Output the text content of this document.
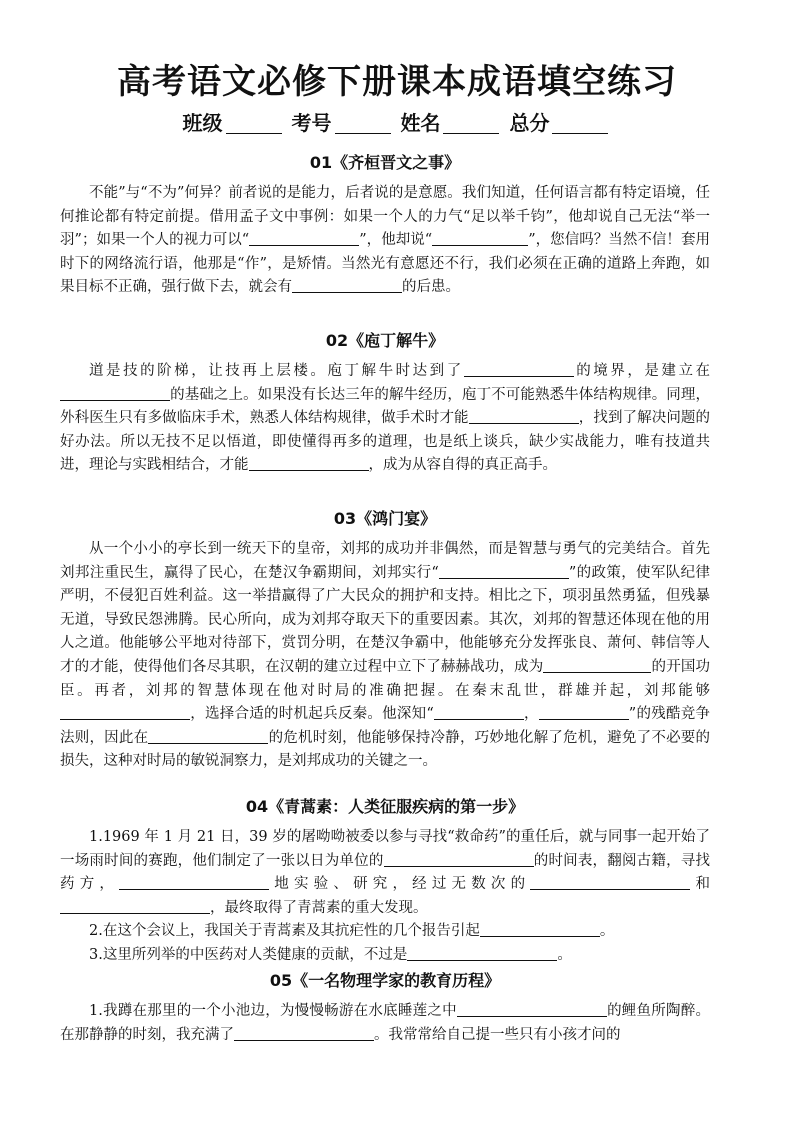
高考语文必修下册课本成语填空练习
班级	考号	姓名	总分
01《齐桓晋文之事》

不能”与“不为”何异？前者说的是能力，后者说的是意愿。我们知道，任何语言都有特定语境，任何推论都有特定前提。借用孟子文中事例：如果一个人的力气“足以举千钧”，他却说自己无法“举一羽”；如果一个人的视力可以“	”，他却说“	”，您信吗？当然不信！套用时下的网络流行语，他那是“作”，是矫情。当然光有意愿还不行，我们必须在正确的道路上奔跑，如果目标不正确，强行做下去，就会有	的后患。

02《庖丁解牛》

道是技的阶梯，让技再上层楼。庖丁解牛时达到了	的境界，是建立在的基础之上。如果没有长达三年的解牛经历，庖丁不可能熟悉牛体结构规律。同理，外科医生只有多做临床手术，熟悉人体结构规律，做手术时才能	，找到了解决问题的好办法。所以无技不足以悟道，即使懂得再多的道理，也是纸上谈兵，缺少实战能力，唯有技道共进，理论与实践相结合，才能	，成为从容自得的真正高手。

03《鸿门宴》

从一个小小的亭长到一统天下的皇帝，刘邦的成功并非偶然，而是智慧与勇气的完美结合。首先刘邦注重民生，赢得了民心，在楚汉争霸期间，刘邦实行“	”的政策，使军队纪律严明，不侵犯百姓利益。这一举措赢得了广大民众的拥护和支持。相比之下，项羽虽然勇猛，但残暴无道，导致民怨沸腾。民心所向，成为刘邦夺取天下的重要因素。其次，刘邦的智慧还体现在他的用人之道。他能够公平地对待部下，赏罚分明，在楚汉争霸中，他能够充分发挥张良、萧何、韩信等人才的才能，使得他们各尽其职，在汉朝的建立过程中立下了赫赫战功，成为	的开国功臣。再者，刘邦的智慧体现在他对时局的准确把握。在秦末乱世，群雄并起，刘邦能够，选择合适的时机起兵反秦。他深知“	，	”的残酷竞争法则，因此在	的危机时刻，他能够保持冷静，巧妙地化解了危机，避免了不必要的损失，这种对时局的敏锐洞察力，是刘邦成功的关键之一。

04《青蒿素：人类征服疾病的第一步》

1.1969 年 1 月 21 日，39 岁的屠呦呦被委以参与寻找“救命药”的重任后，就与同事一起开始了一场雨时间的赛跑，他们制定了一张以日为单位的	的时间表，翻阅古籍，寻找药方，	地实验、研究，经过无数次的	和，最终取得了青蒿素的重大发现。

2.在这个会议上，我国关于青蒿素及其抗疟性的几个报告引起	。

3.这里所列举的中医药对人类健康的贡献，不过是	。

05《一名物理学家的教育历程》

1.我蹲在那里的一个小池边，为慢慢畅游在水底睡莲之中	的鲤鱼所陶醉。在那静静的时刻，我充满了	。我常常给自己提一些只有小孩才问的
